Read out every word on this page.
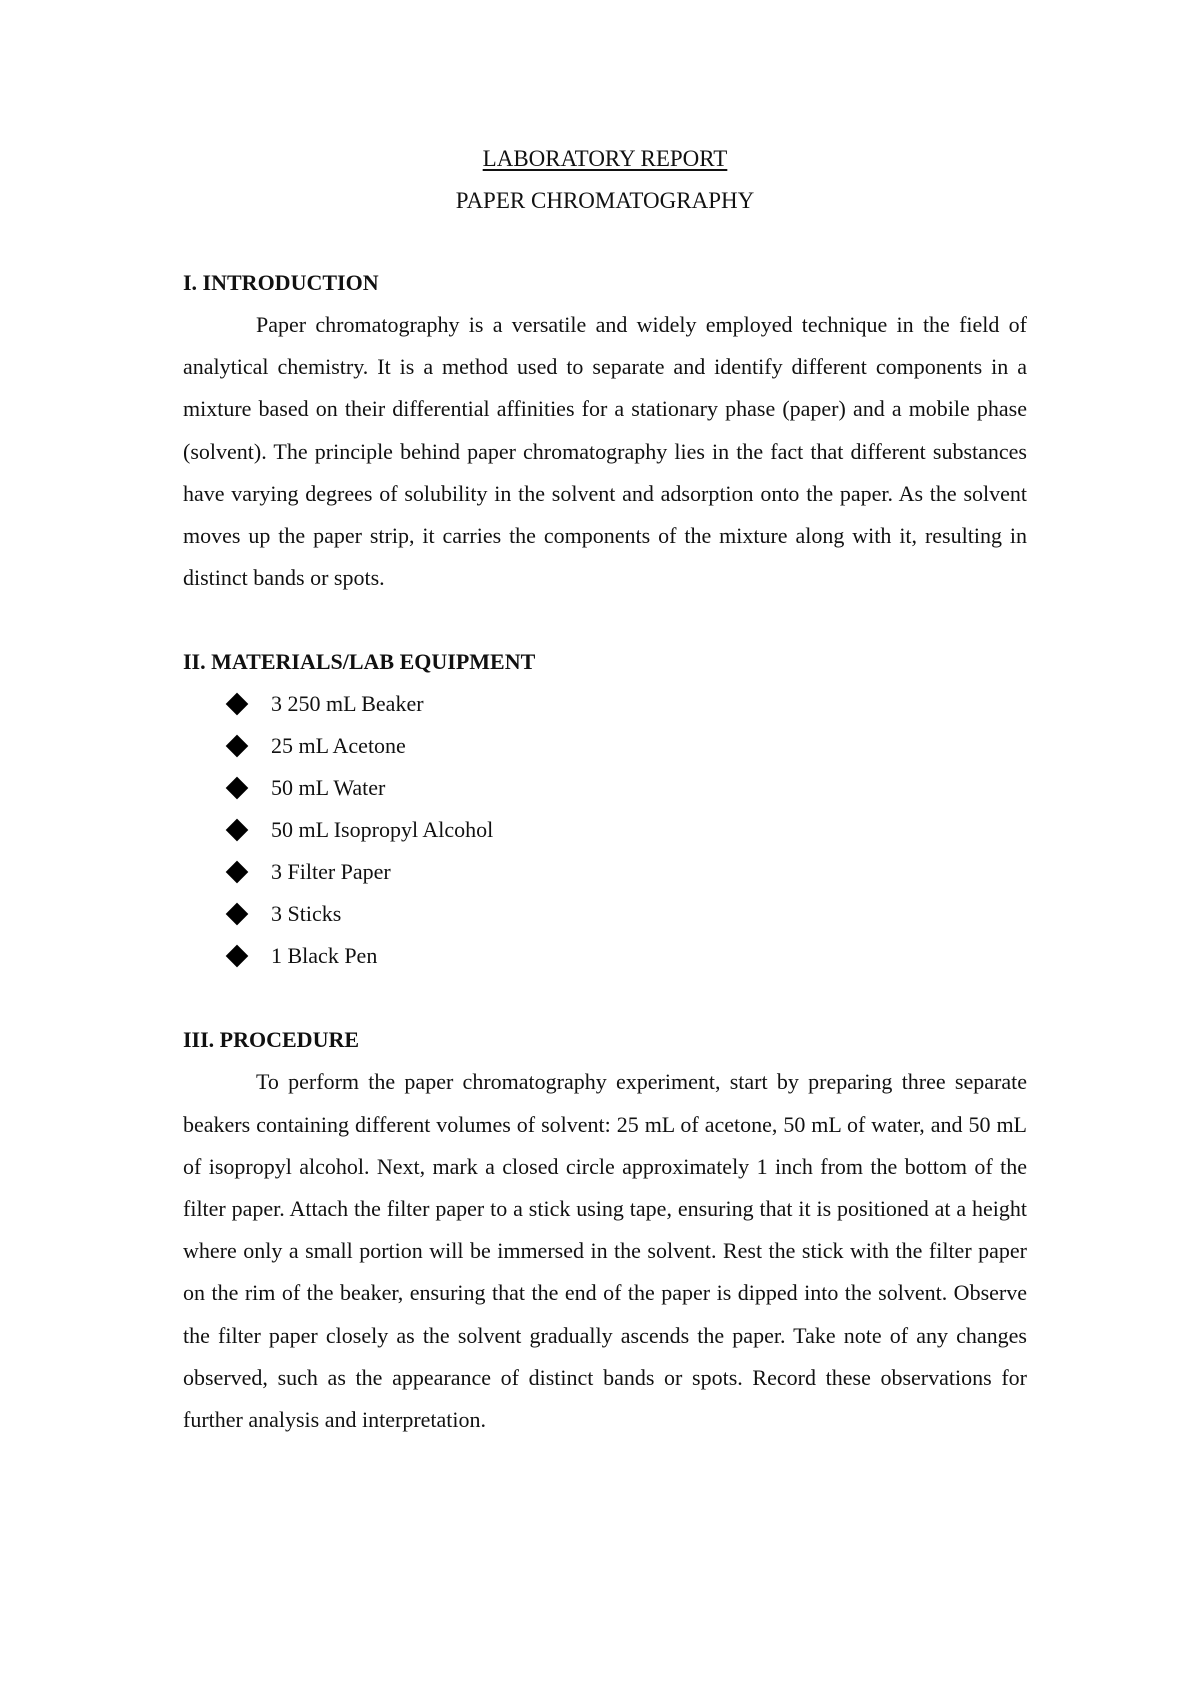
LABORATORY REPORT

PAPER CHROMATOGRAPHY

I. INTRODUCTION

Paper chromatography is a versatile and widely employed technique in the field of analytical chemistry. It is a method used to separate and identify different components in a mixture based on their differential affinities for a stationary phase (paper) and a mobile phase (solvent). The principle behind paper chromatography lies in the fact that different substances have varying degrees of solubility in the solvent and adsorption onto the paper. As the solvent moves up the paper strip, it carries the components of the mixture along with it, resulting in distinct bands or spots.

II. MATERIALS/LAB EQUIPMENT

3 250 mL Beaker
25 mL Acetone
50 mL Water
50 mL Isopropyl Alcohol
3 Filter Paper
3 Sticks
1 Black Pen

III. PROCEDURE

To perform the paper chromatography experiment, start by preparing three separate beakers containing different volumes of solvent: 25 mL of acetone, 50 mL of water, and 50 mL of isopropyl alcohol. Next, mark a closed circle approximately 1 inch from the bottom of the filter paper. Attach the filter paper to a stick using tape, ensuring that it is positioned at a height where only a small portion will be immersed in the solvent. Rest the stick with the filter paper on the rim of the beaker, ensuring that the end of the paper is dipped into the solvent. Observe the filter paper closely as the solvent gradually ascends the paper. Take note of any changes observed, such as the appearance of distinct bands or spots. Record these observations for further analysis and interpretation.
